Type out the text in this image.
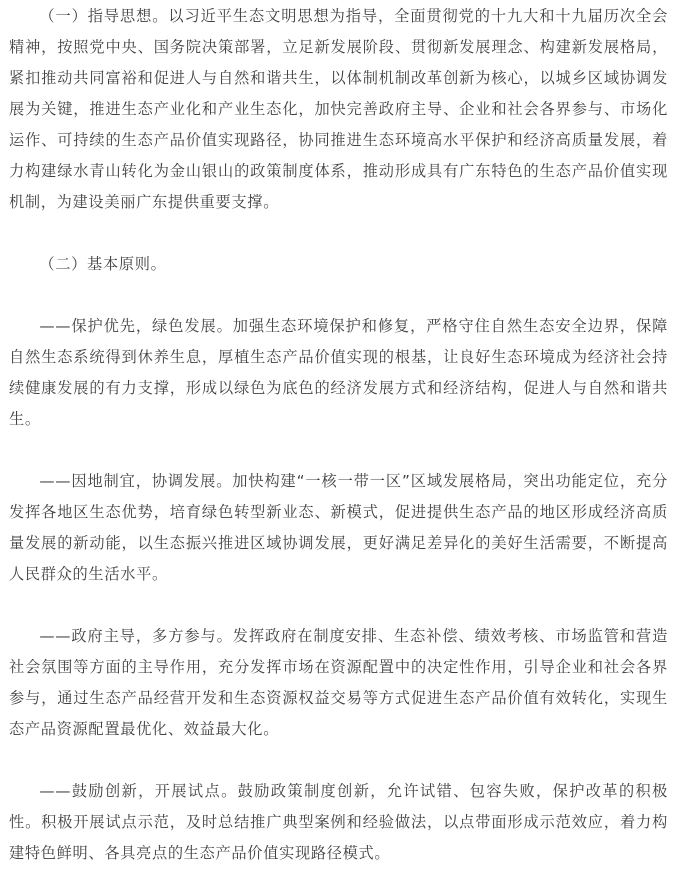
（一）指导思想。以习近平生态文明思想为指导，全面贯彻党的十九大和十九届历次全会精神，按照党中央、国务院决策部署，立足新发展阶段、贯彻新发展理念、构建新发展格局，紧扣推动共同富裕和促进人与自然和谐共生，以体制机制改革创新为核心，以城乡区域协调发展为关键，推进生态产业化和产业生态化，加快完善政府主导、企业和社会各界参与、市场化运作、可持续的生态产品价值实现路径，协同推进生态环境高水平保护和经济高质量发展，着力构建绿水青山转化为金山银山的政策制度体系，推动形成具有广东特色的生态产品价值实现机制，为建设美丽广东提供重要支撑。

（二）基本原则。

——保护优先，绿色发展。加强生态环境保护和修复，严格守住自然生态安全边界，保障自然生态系统得到休养生息，厚植生态产品价值实现的根基，让良好生态环境成为经济社会持续健康发展的有力支撑，形成以绿色为底色的经济发展方式和经济结构，促进人与自然和谐共生。

——因地制宜，协调发展。加快构建“一核一带一区”区域发展格局，突出功能定位，充分发挥各地区生态优势，培育绿色转型新业态、新模式，促进提供生态产品的地区形成经济高质量发展的新动能，以生态振兴推进区域协调发展，更好满足差异化的美好生活需要，不断提高人民群众的生活水平。

——政府主导，多方参与。发挥政府在制度安排、生态补偿、绩效考核、市场监管和营造社会氛围等方面的主导作用，充分发挥市场在资源配置中的决定性作用，引导企业和社会各界参与，通过生态产品经营开发和生态资源权益交易等方式促进生态产品价值有效转化，实现生态产品资源配置最优化、效益最大化。

——鼓励创新，开展试点。鼓励政策制度创新，允许试错、包容失败，保护改革的积极性。积极开展试点示范，及时总结推广典型案例和经验做法，以点带面形成示范效应，着力构建特色鲜明、各具亮点的生态产品价值实现路径模式。
